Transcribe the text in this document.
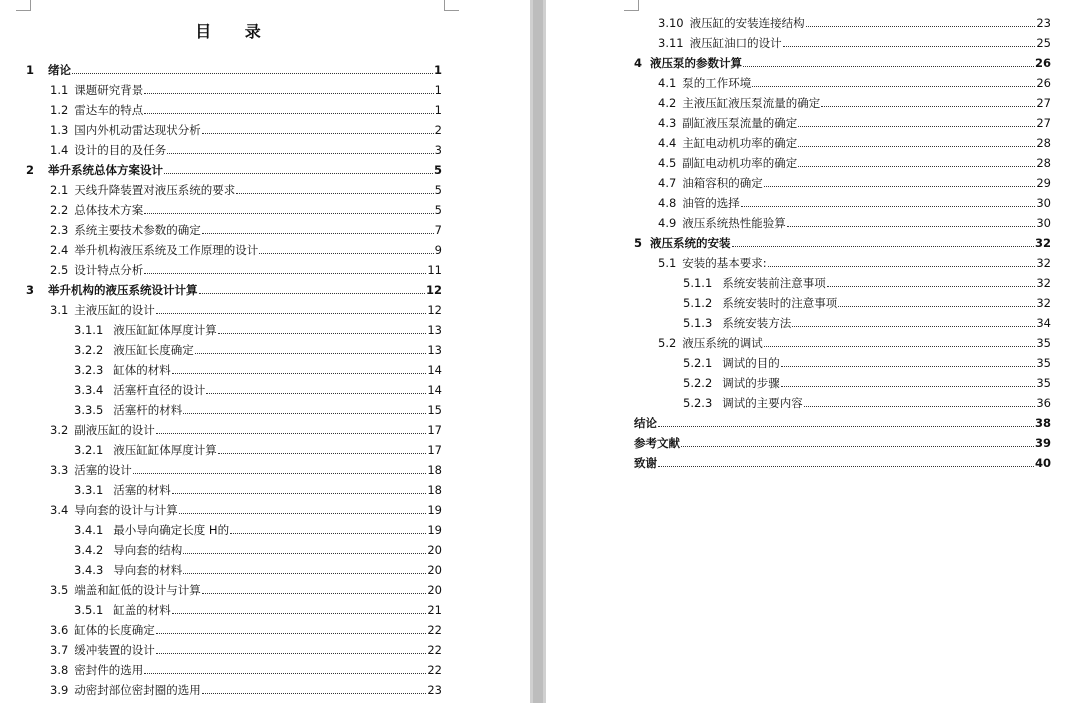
目 录
1 绪论	1
1.1 课题研究背景	1
1.2 雷达车的特点	1
1.3 国内外机动雷达现状分析	2
1.4 设计的目的及任务	3
2 举升系统总体方案设计	5
2.1 天线升降装置对液压系统的要求	5
2.2 总体技术方案	5
2.3 系统主要技术参数的确定	7
2.4 举升机构液压系统及工作原理的设计	9
2.5 设计特点分析	11
3 举升机构的液压系统设计计算	12
3.1 主液压缸的设计	12
3.1.1 液压缸缸体厚度计算	13
3.2.2 液压缸长度确定	13
3.2.3 缸体的材料	14
3.3.4 活塞杆直径的设计	14
3.3.5 活塞杆的材料	15
3.2 副液压缸的设计	17
3.2.1 液压缸缸体厚度计算	17
3.3 活塞的设计	18
3.3.1 活塞的材料	18
3.4 导向套的设计与计算	19
3.4.1 最小导向确定长度 H的	19
3.4.2 导向套的结构	20
3.4.3 导向套的材料	20
3.5 端盖和缸低的设计与计算	20
3.5.1 缸盖的材料	21
3.6 缸体的长度确定	22
3.7 缓冲装置的设计	22
3.8 密封件的选用	22
3.9 动密封部位密封圈的选用	23
3.10 液压缸的安装连接结构	23
3.11 液压缸油口的设计	25
4 液压泵的参数计算	26
4.1 泵的工作环境	26
4.2 主液压缸液压泵流量的确定	27
4.3 副缸液压泵流量的确定	27
4.4 主缸电动机功率的确定	28
4.5 副缸电动机功率的确定	28
4.7 油箱容积的确定	29
4.8 油管的选择	30
4.9 液压系统热性能验算	30
5 液压系统的安装	32
5.1 安装的基本要求:	32
5.1.1 系统安装前注意事项	32
5.1.2 系统安装时的注意事项	32
5.1.3 系统安装方法	34
5.2 液压系统的调试	35
5.2.1 调试的目的	35
5.2.2 调试的步骤	35
5.2.3 调试的主要内容	36
结论	38
参考文献	39
致谢	40
